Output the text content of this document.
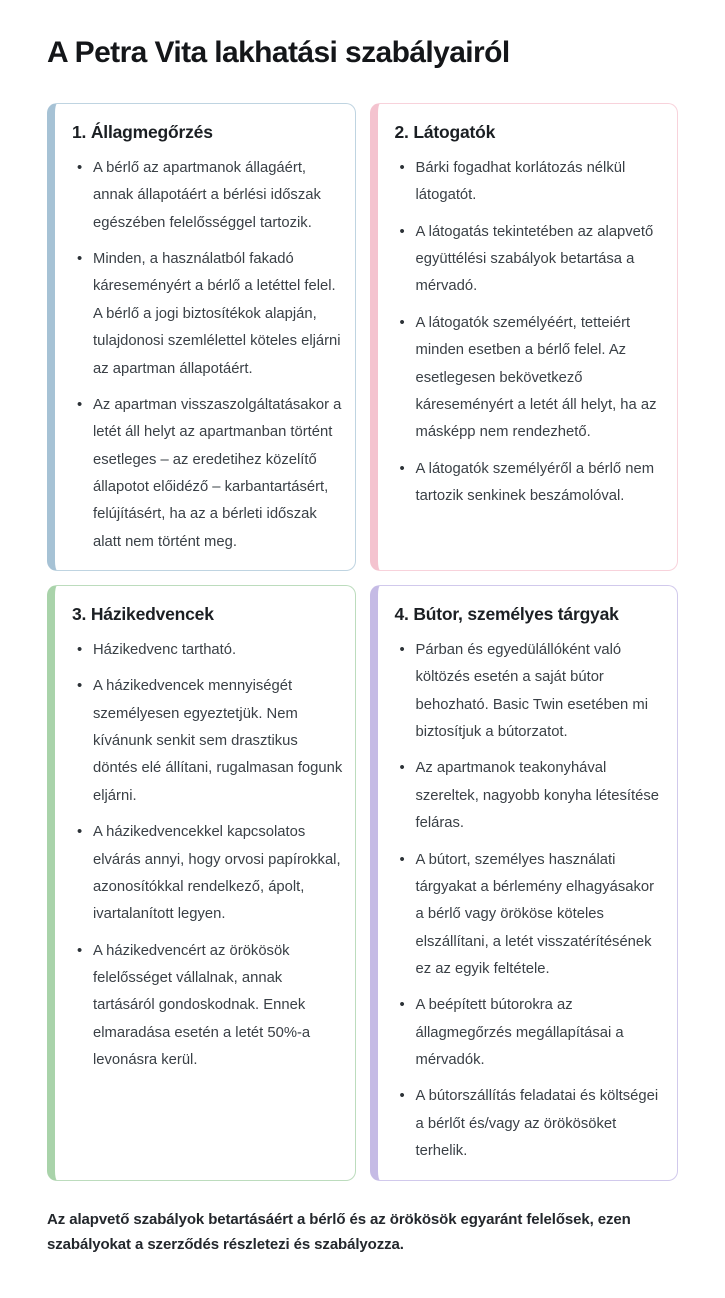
A Petra Vita lakhatási szabályairól
1. Állagmegőrzés
• A bérlő az apartmanok állagáért, annak állapotáért a bérlési időszak egészében felelősséggel tartozik.
• Minden, a használatból fakadó káreseményért a bérlő a letéttel felel. A bérlő a jogi biztosítékok alapján, tulajdonosi szemlélettel köteles eljárni az apartman állapotáért.
• Az apartman visszaszolgáltatásakor a letét áll helyt az apartmanban történt esetleges – az eredetihez közelítő állapotot előidéző – karbantartásért, felújításért, ha az a bérleti időszak alatt nem történt meg.
2. Látogatók
• Bárki fogadhat korlátozás nélkül látogatót.
• A látogatás tekintetében az alapvető együttélési szabályok betartása a mérvadó.
• A látogatók személyéért, tetteiért minden esetben a bérlő felel. Az esetlegesen bekövetkező káreseményért a letét áll helyt, ha az másképp nem rendezhető.
• A látogatók személyéről a bérlő nem tartozik senkinek beszámolóval.
3. Házikedvencek
• Házikedvenc tartható.
• A házikedvencek mennyiségét személyesen egyeztetjük. Nem kívánunk senkit sem drasztikus döntés elé állítani, rugalmasan fogunk eljárni.
• A házikedvencekkel kapcsolatos elvárás annyi, hogy orvosi papírokkal, azonosítókkal rendelkező, ápolt, ivartalanított legyen.
• A házikedvencért az örökösök felelősséget vállalnak, annak tartásáról gondoskodnak. Ennek elmaradása esetén a letét 50%-a levonásra kerül.
4. Bútor, személyes tárgyak
• Párban és egyedülállóként való költözés esetén a saját bútor behozható. Basic Twin esetében mi biztosítjuk a bútorzatot.
• Az apartmanok teakonyhával szereltek, nagyobb konyha létesítése feláras.
• A bútort, személyes használati tárgyakat a bérlemény elhagyásakor a bérlő vagy örököse köteles elszállítani, a letét visszatérítésének ez az egyik feltétele.
• A beépített bútorokra az állagmegőrzés megállapításai a mérvadók.
• A bútorszállítás feladatai és költségei a bérlőt és/vagy az örökösöket terhelik.

Az alapvető szabályok betartásáért a bérlő és az örökösök egyaránt felelősek, ezen szabályokat a szerződés részletezi és szabályozza.
